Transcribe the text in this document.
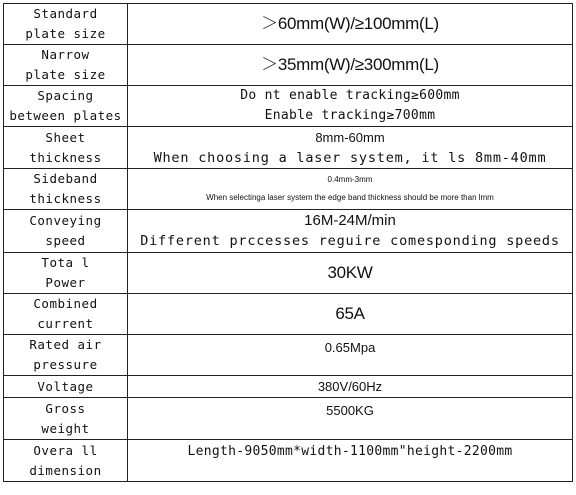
Standard
plate size	＞60mm(W)/≥100mm(L)

Narrow
plate size	＞35mm(W)/≥300mm(L)

Spacing
between plates	Do nt enable tracking≥600mm
Enable tracking≥700mm

Sheet
thickness	8mm-60mm
When choosing a laser system, it ls 8mm-40mm

Sideband
thickness	0.4mm-3mm
When selectinga laser system the edge band thickness should be more than lmm

Conveying
speed	16M-24M/min
Different prccesses reguire comesponding speeds

Tota l
Power	30KW

Combined
current	65A

Rated air
pressure	0.65Mpa

Voltage	380V/60Hz

Gross
weight	5500KG

Overa ll
dimension	Length-9050mm*width-1100mm"height-2200mm
